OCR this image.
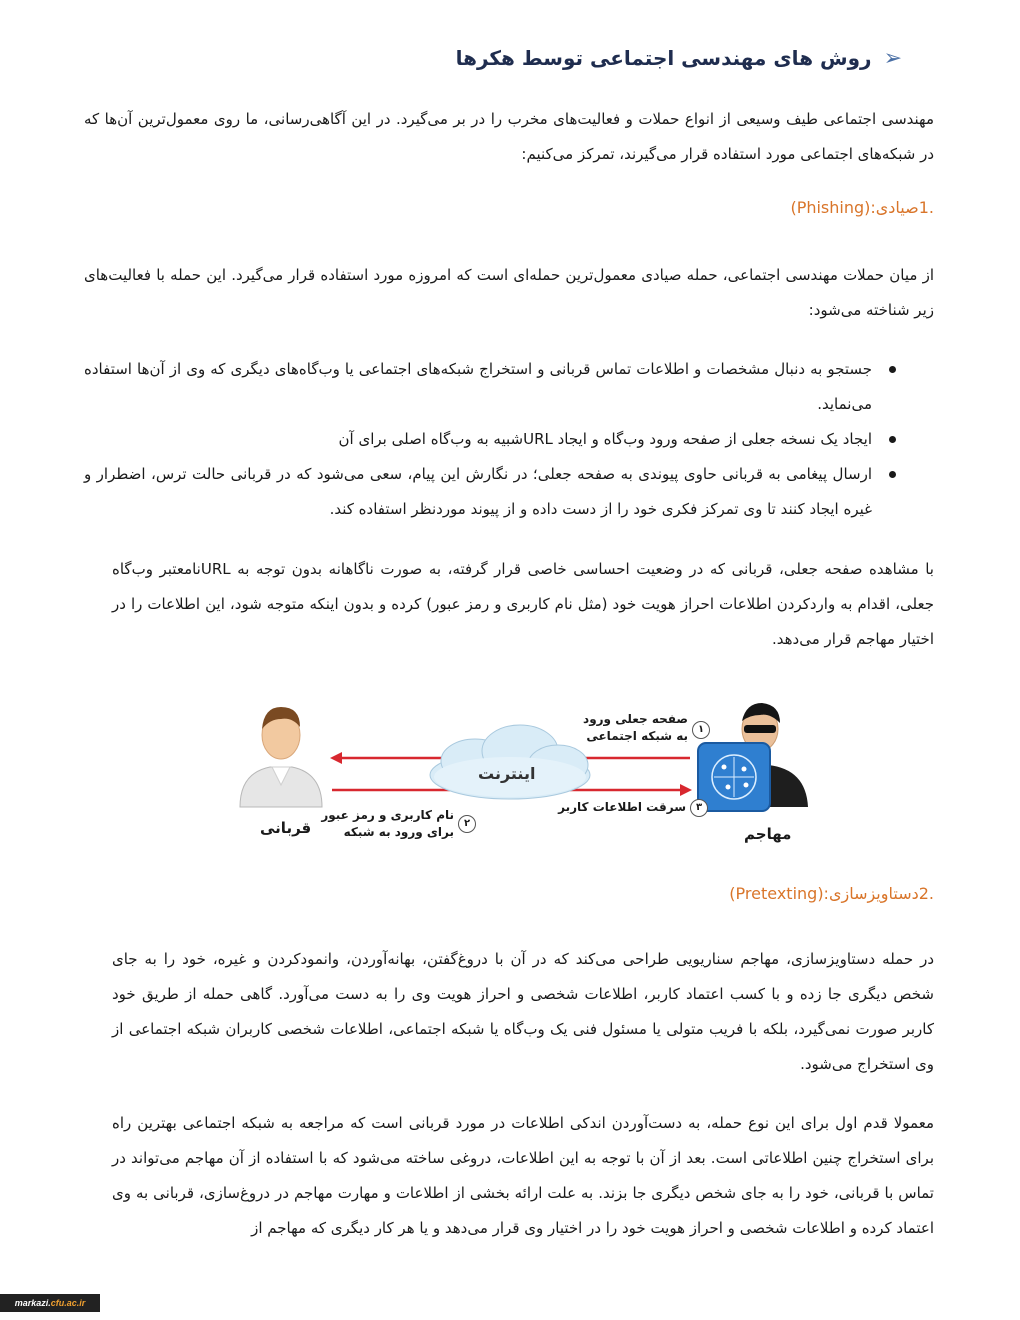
➢
روش های مهندسی اجتماعی توسط هکرها
مهندسی اجتماعی طیف وسیعی از انواع حملات و فعالیت‌های مخرب را در بر می‌گیرد. در این آگاهی‌رسانی، ما روی معمول‌ترین آن‌ها که در شبکه‌های اجتماعی مورد استفاده قرار می‌گیرند، تمرکز می‌کنیم:
.1صیادی:(Phishing)
از میان حملات مهندسی اجتماعی، حمله صیادی معمول‌ترین حمله‌ای است که امروزه مورد استفاده قرار می‌گیرد. این حمله با فعالیت‌های زیر شناخته می‌شود:
جستجو به دنبال مشخصات و اطلاعات تماس قربانی و استخراج شبکه‌های اجتماعی یا وب‌گاه‌های دیگری که وی از آن‌ها استفاده می‌نماید.
ایجاد یک نسخه جعلی از صفحه ورود وب‌گاه و ایجاد URLشبیه به وب‌گاه اصلی برای آن
ارسال پیغامی به قربانی حاوی پیوندی به صفحه جعلی؛ در نگارش این پیام، سعی می‌شود که در قربانی حالت ترس، اضطرار و غیره ایجاد کنند تا وی تمرکز فکری خود را از دست داده و از پیوند موردنظر استفاده کند.
با مشاهده صفحه جعلی، قربانی که در وضعیت احساسی خاصی قرار گرفته، به صورت ناگاهانه بدون توجه به URLنامعتبر وب‌گاه جعلی، اقدام به واردکردن اطلاعات احراز هویت خود (مثل نام کاربری و رمز عبور) کرده و بدون اینکه متوجه شود، این اطلاعات را در اختیار مهاجم قرار می‌دهد.
۱
صفحه جعلی ورود
به شبکه اجتماعی
اینترنت
۳
سرقت اطلاعات کاربر
۲
نام کاربری و رمز عبور
برای ورود به شبکه
قربانی	مهاجم
.2دستاویزسازی:(Pretexting)
در حمله دستاویزسازی، مهاجم سناریویی طراحی می‌کند که در آن با دروغ‌گفتن، بهانه‌آوردن، وانمودکردن و غیره، خود را به جای شخص دیگری جا زده و با کسب اعتماد کاربر، اطلاعات شخصی و احراز هویت وی را به دست می‌آورد. گاهی حمله از طریق خود کاربر صورت نمی‌گیرد، بلکه با فریب متولی یا مسئول فنی یک وب‌گاه یا شبکه اجتماعی، اطلاعات شخصی کاربران شبکه اجتماعی از وی استخراج می‌شود.
معمولا قدم اول برای این نوع حمله، به دست‌آوردن اندکی اطلاعات در مورد قربانی است که مراجعه به شبکه اجتماعی بهترین راه برای استخراج چنین اطلاعاتی است. بعد از آن با توجه به این اطلاعات، دروغی ساخته می‌شود که با استفاده از آن مهاجم می‌تواند در تماس با قربانی، خود را به جای شخص دیگری جا بزند. به علت ارائه بخشی از اطلاعات و مهارت مهاجم در دروغ‌سازی، قربانی به وی اعتماد کرده و اطلاعات شخصی و احراز هویت خود را در اختیار وی قرار می‌دهد و یا هر کار دیگری که مهاجم از
markazi. cfu.ac.ir
